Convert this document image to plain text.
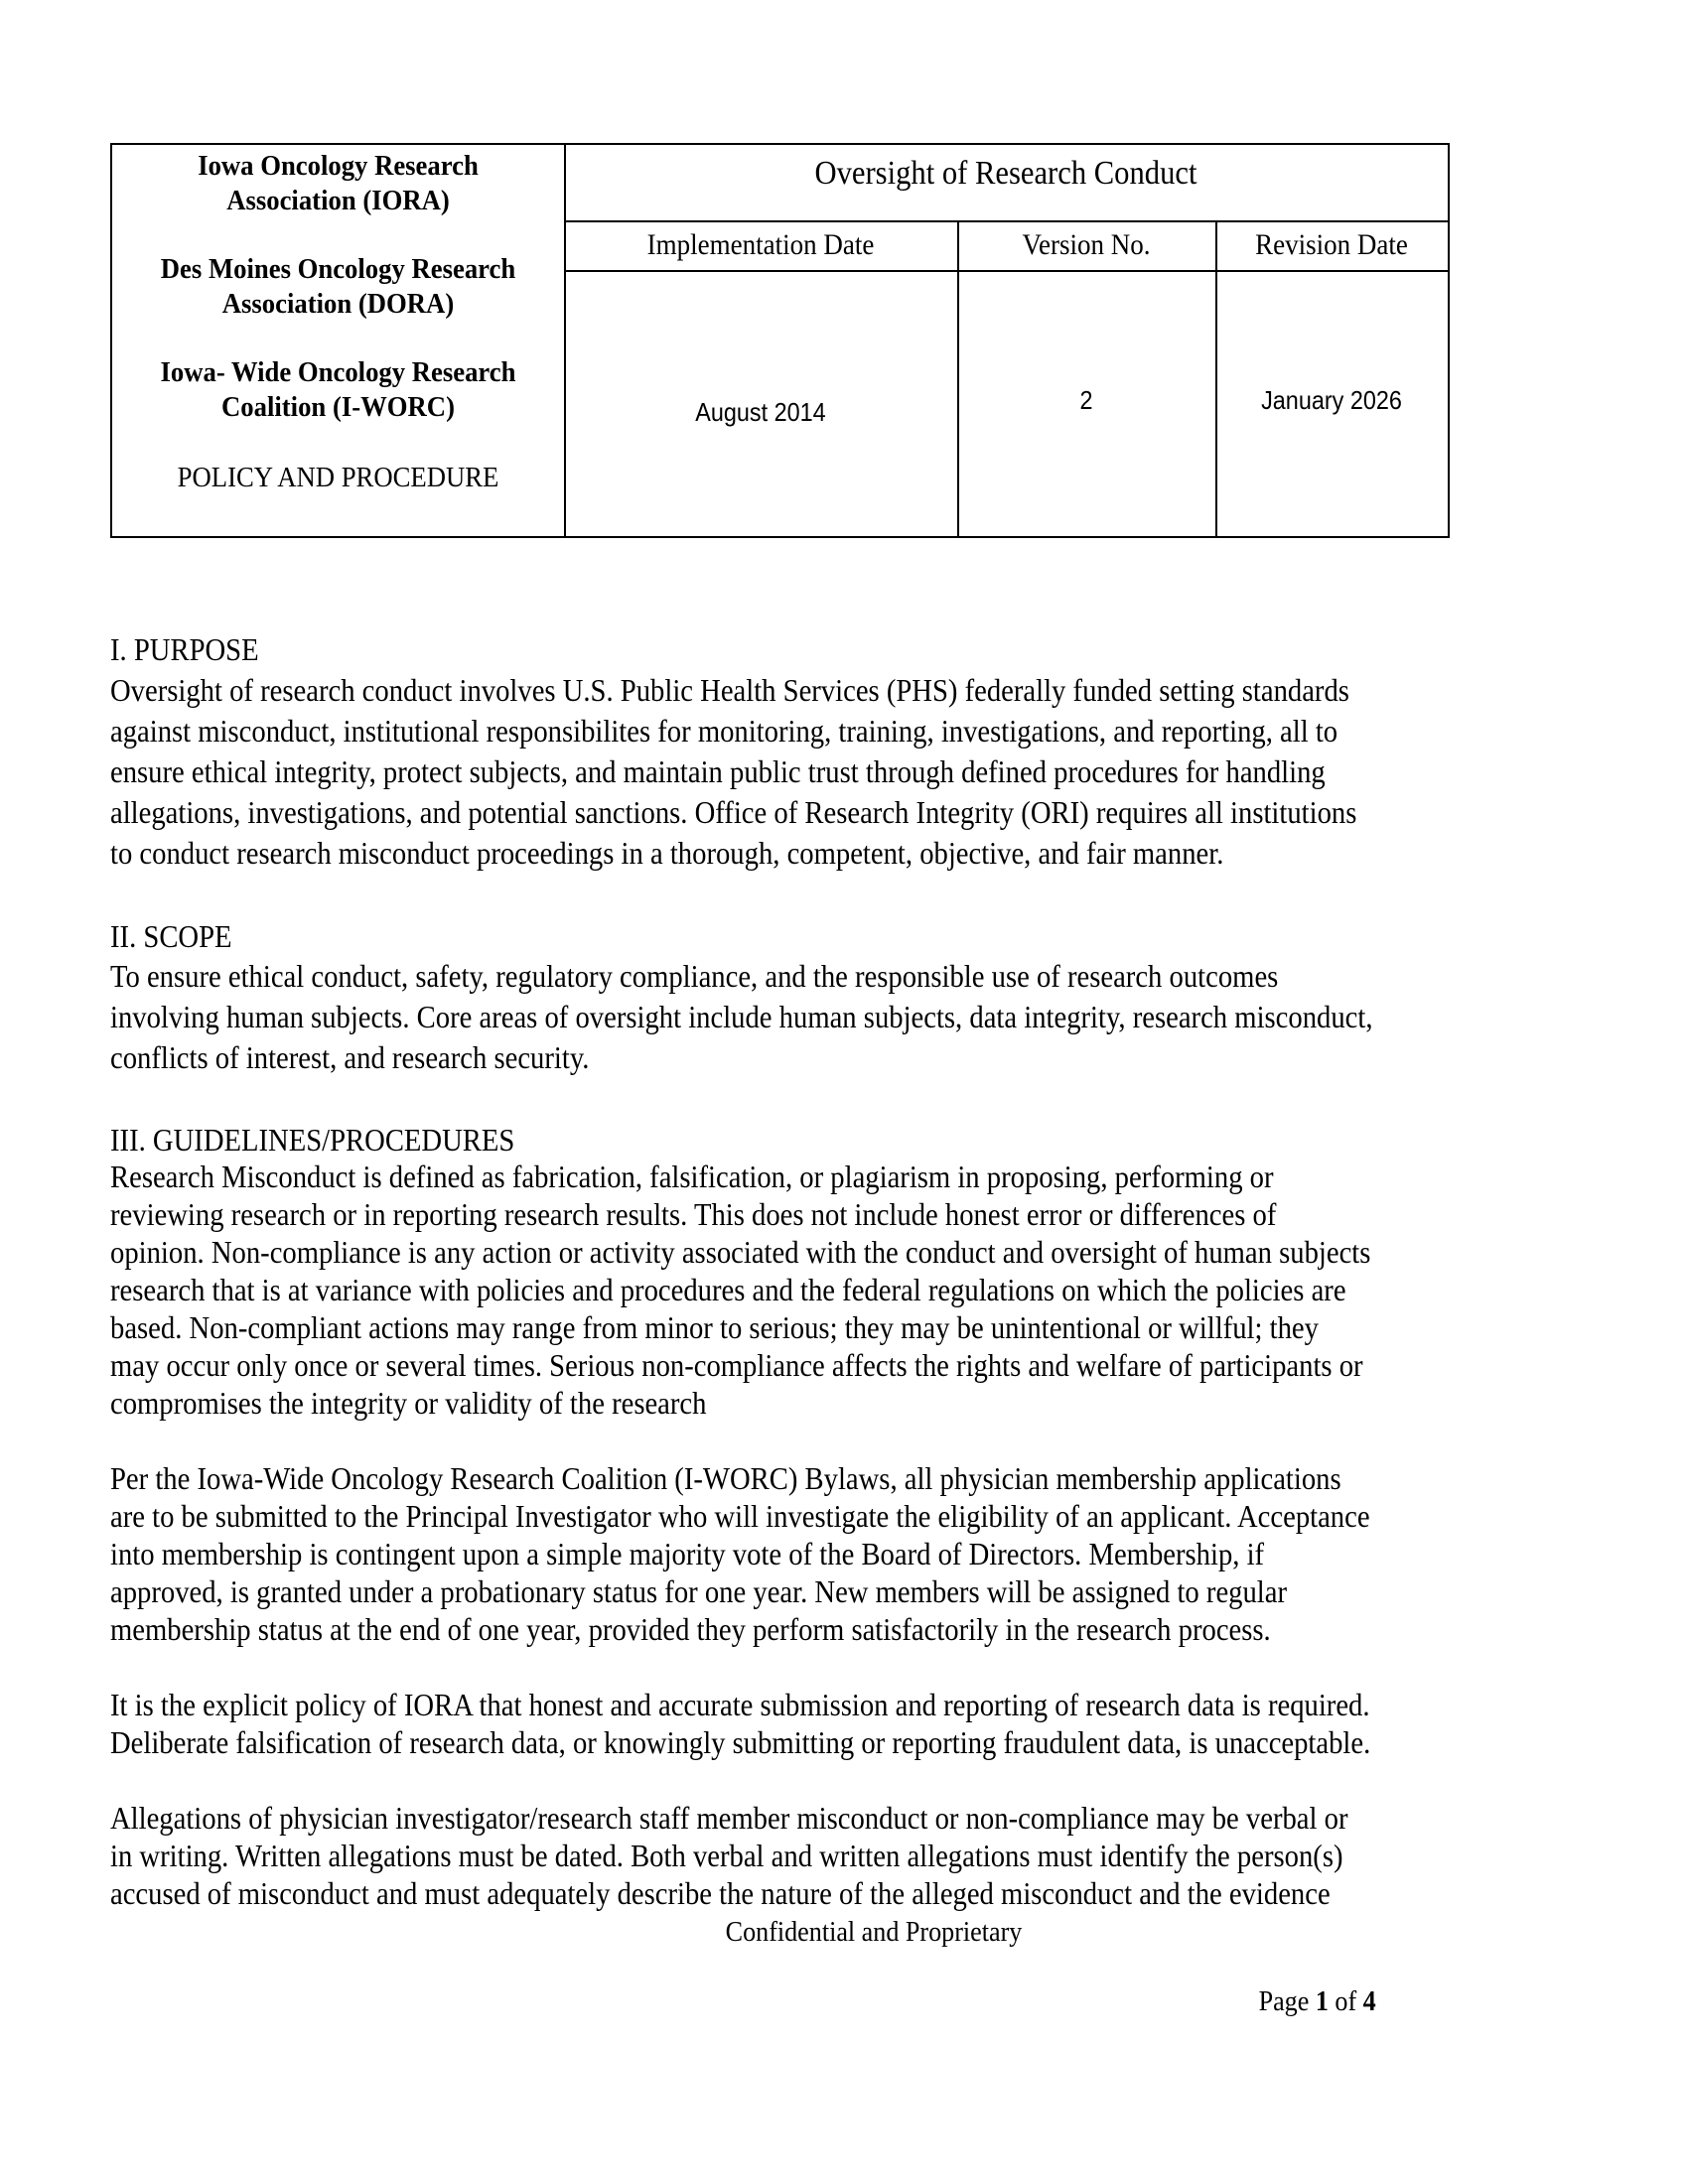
Iowa Oncology Research
Association (IORA)
Des Moines Oncology Research
Association (DORA)
Iowa- Wide Oncology Research
Coalition (I-WORC)
POLICY AND PROCEDURE
Oversight of Research Conduct
Implementation Date	Version No.	Revision Date
August 2014	2	January 2026
I. PURPOSE
Oversight of research conduct involves U.S. Public Health Services (PHS) federally funded setting standards
against misconduct, institutional responsibilites for monitoring, training, investigations, and reporting, all to
ensure ethical integrity, protect subjects, and maintain public trust through defined procedures for handling
allegations, investigations, and potential sanctions. Office of Research Integrity (ORI) requires all institutions
to conduct research misconduct proceedings in a thorough, competent, objective, and fair manner.
II. SCOPE
To ensure ethical conduct, safety, regulatory compliance, and the responsible use of research outcomes
involving human subjects. Core areas of oversight include human subjects, data integrity, research misconduct,
conflicts of interest, and research security.
III. GUIDELINES/PROCEDURES
Research Misconduct is defined as fabrication, falsification, or plagiarism in proposing, performing or
reviewing research or in reporting research results. This does not include honest error or differences of
opinion. Non-compliance is any action or activity associated with the conduct and oversight of human subjects
research that is at variance with policies and procedures and the federal regulations on which the policies are
based. Non-compliant actions may range from minor to serious; they may be unintentional or willful; they
may occur only once or several times. Serious non-compliance affects the rights and welfare of participants or
compromises the integrity or validity of the research
Per the Iowa-Wide Oncology Research Coalition (I-WORC) Bylaws, all physician membership applications
are to be submitted to the Principal Investigator who will investigate the eligibility of an applicant. Acceptance
into membership is contingent upon a simple majority vote of the Board of Directors. Membership, if
approved, is granted under a probationary status for one year. New members will be assigned to regular
membership status at the end of one year, provided they perform satisfactorily in the research process.
It is the explicit policy of IORA that honest and accurate submission and reporting of research data is required.
Deliberate falsification of research data, or knowingly submitting or reporting fraudulent data, is unacceptable.
Allegations of physician investigator/research staff member misconduct or non-compliance may be verbal or
in writing. Written allegations must be dated. Both verbal and written allegations must identify the person(s)
accused of misconduct and must adequately describe the nature of the alleged misconduct and the evidence
Confidential and Proprietary
Page 1 of 4
